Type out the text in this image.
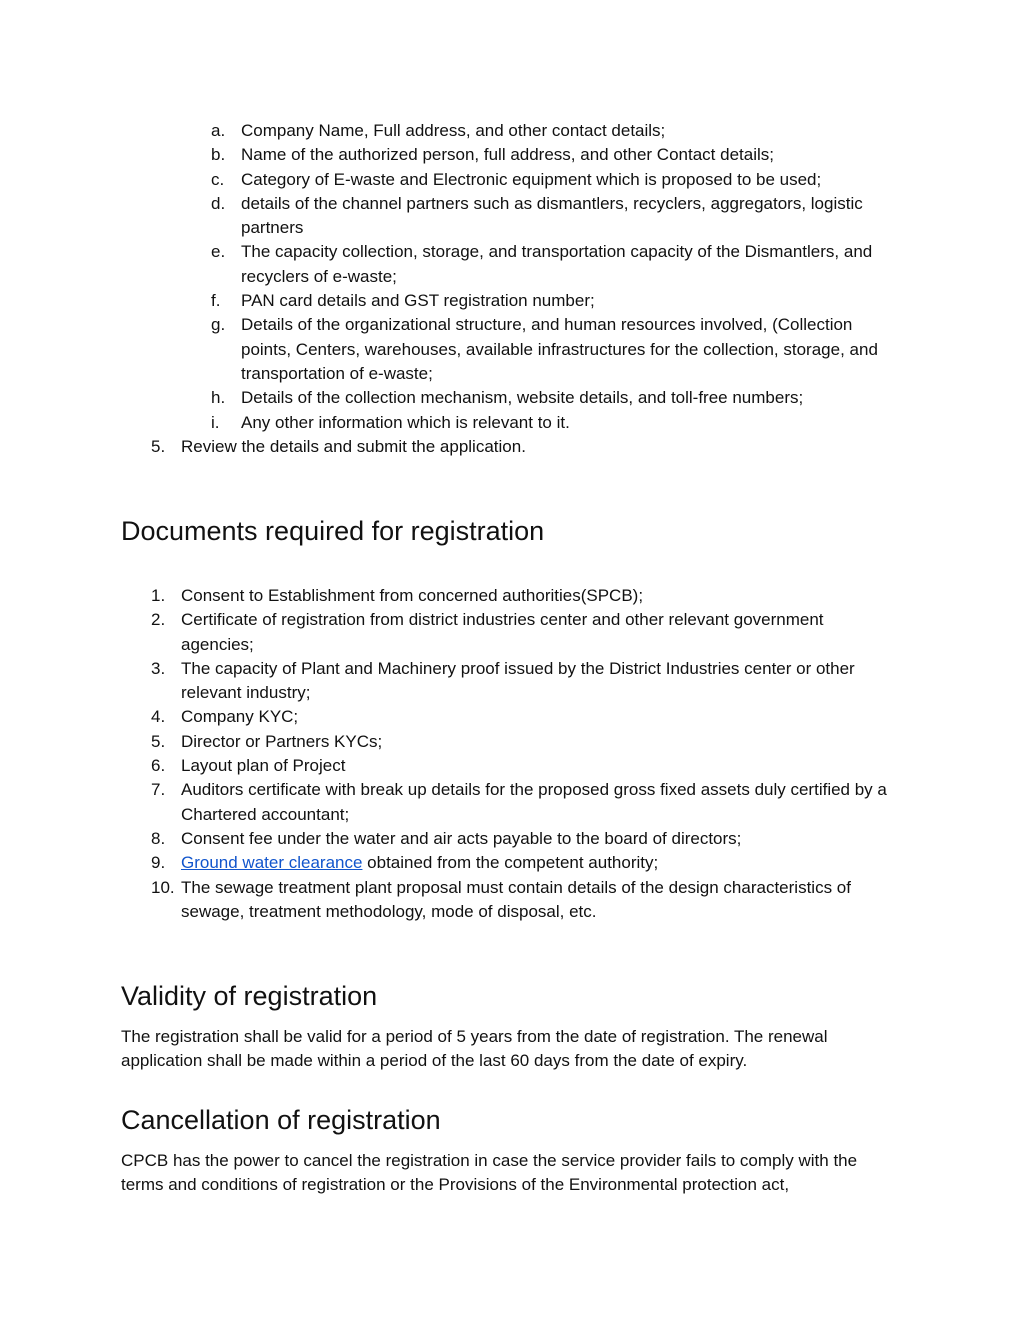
a. Company Name, Full address, and other contact details;
b. Name of the authorized person, full address, and other Contact details;
c. Category of E-waste and Electronic equipment which is proposed to be used;
d. details of the channel partners such as dismantlers, recyclers, aggregators, logistic partners
e. The capacity collection, storage, and transportation capacity of the Dismantlers, and recyclers of e-waste;
f.	PAN card details and GST registration number;
g. Details of the organizational structure, and human resources involved, (Collection points, Centers, warehouses, available infrastructures for the collection, storage, and transportation of e-waste;
h. Details of the collection mechanism, website details, and toll-free numbers;
i.	Any other information which is relevant to it.
5. Review the details and submit the application.
Documents required for registration
1. Consent to Establishment from concerned authorities(SPCB);
2. Certificate of registration from district industries center and other relevant government agencies;
3. The capacity of Plant and Machinery proof issued by the District Industries center or other relevant industry;
4. Company KYC;
5. Director or Partners KYCs;
6. Layout plan of Project
7. Auditors certificate with break up details for the proposed gross fixed assets duly certified by a Chartered accountant;
8. Consent fee under the water and air acts payable to the board of directors;
9. Ground water clearance obtained from the competent authority;
10. The sewage treatment plant proposal must contain details of the design characteristics of sewage, treatment methodology, mode of disposal, etc.
Validity of registration

The registration shall be valid for a period of 5 years from the date of registration. The renewal application shall be made within a period of the last 60 days from the date of expiry.

Cancellation of registration

CPCB has the power to cancel the registration in case the service provider fails to comply with the terms and conditions of registration or the Provisions of the Environmental protection act,
